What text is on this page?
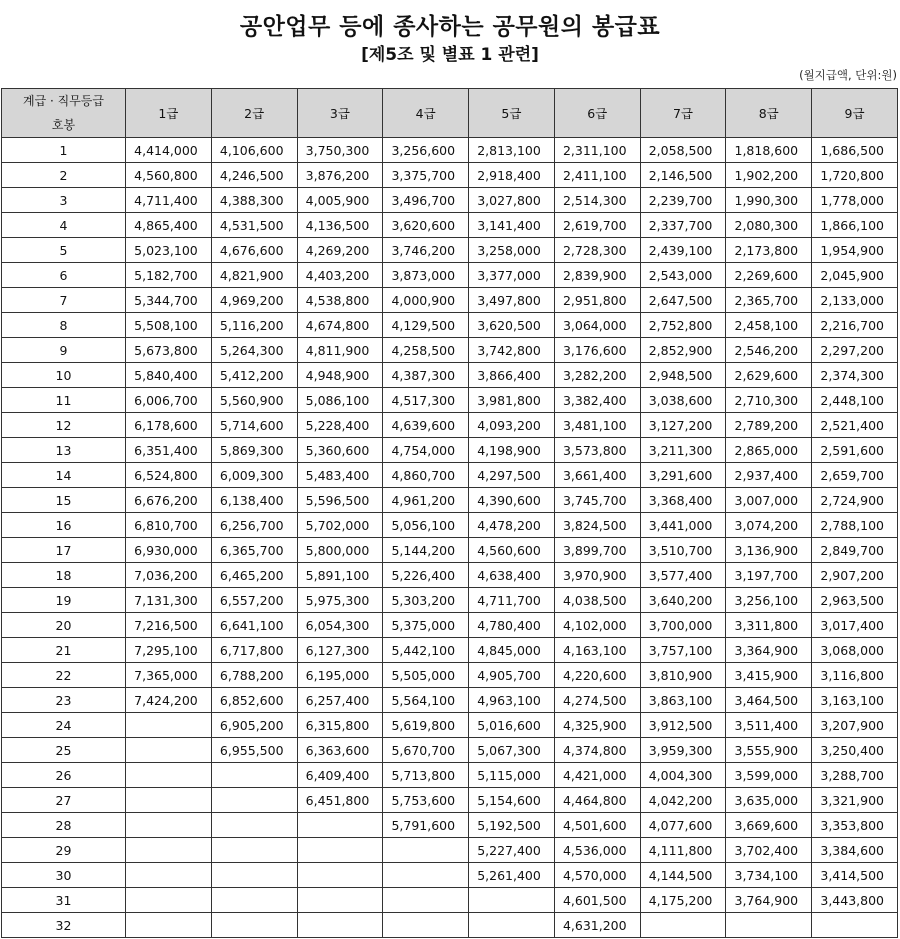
공안업무 등에 종사하는 공무원의 봉급표
[제5조 및 별표 1 관련]
(월지급액, 단위:원)
계급 · 직무등급
호봉	1급	2급	3급	4급	5급	6급	7급	8급	9급
1	4,414,000	4,106,600	3,750,300	3,256,600	2,813,100	2,311,100	2,058,500	1,818,600	1,686,500
2	4,560,800	4,246,500	3,876,200	3,375,700	2,918,400	2,411,100	2,146,500	1,902,200	1,720,800
3	4,711,400	4,388,300	4,005,900	3,496,700	3,027,800	2,514,300	2,239,700	1,990,300	1,778,000
4	4,865,400	4,531,500	4,136,500	3,620,600	3,141,400	2,619,700	2,337,700	2,080,300	1,866,100
5	5,023,100	4,676,600	4,269,200	3,746,200	3,258,000	2,728,300	2,439,100	2,173,800	1,954,900
6	5,182,700	4,821,900	4,403,200	3,873,000	3,377,000	2,839,900	2,543,000	2,269,600	2,045,900
7	5,344,700	4,969,200	4,538,800	4,000,900	3,497,800	2,951,800	2,647,500	2,365,700	2,133,000
8	5,508,100	5,116,200	4,674,800	4,129,500	3,620,500	3,064,000	2,752,800	2,458,100	2,216,700
9	5,673,800	5,264,300	4,811,900	4,258,500	3,742,800	3,176,600	2,852,900	2,546,200	2,297,200
10	5,840,400	5,412,200	4,948,900	4,387,300	3,866,400	3,282,200	2,948,500	2,629,600	2,374,300
11	6,006,700	5,560,900	5,086,100	4,517,300	3,981,800	3,382,400	3,038,600	2,710,300	2,448,100
12	6,178,600	5,714,600	5,228,400	4,639,600	4,093,200	3,481,100	3,127,200	2,789,200	2,521,400
13	6,351,400	5,869,300	5,360,600	4,754,000	4,198,900	3,573,800	3,211,300	2,865,000	2,591,600
14	6,524,800	6,009,300	5,483,400	4,860,700	4,297,500	3,661,400	3,291,600	2,937,400	2,659,700
15	6,676,200	6,138,400	5,596,500	4,961,200	4,390,600	3,745,700	3,368,400	3,007,000	2,724,900
16	6,810,700	6,256,700	5,702,000	5,056,100	4,478,200	3,824,500	3,441,000	3,074,200	2,788,100
17	6,930,000	6,365,700	5,800,000	5,144,200	4,560,600	3,899,700	3,510,700	3,136,900	2,849,700
18	7,036,200	6,465,200	5,891,100	5,226,400	4,638,400	3,970,900	3,577,400	3,197,700	2,907,200
19	7,131,300	6,557,200	5,975,300	5,303,200	4,711,700	4,038,500	3,640,200	3,256,100	2,963,500
20	7,216,500	6,641,100	6,054,300	5,375,000	4,780,400	4,102,000	3,700,000	3,311,800	3,017,400
21	7,295,100	6,717,800	6,127,300	5,442,100	4,845,000	4,163,100	3,757,100	3,364,900	3,068,000
22	7,365,000	6,788,200	6,195,000	5,505,000	4,905,700	4,220,600	3,810,900	3,415,900	3,116,800
23	7,424,200	6,852,600	6,257,400	5,564,100	4,963,100	4,274,500	3,863,100	3,464,500	3,163,100
24		6,905,200	6,315,800	5,619,800	5,016,600	4,325,900	3,912,500	3,511,400	3,207,900
25		6,955,500	6,363,600	5,670,700	5,067,300	4,374,800	3,959,300	3,555,900	3,250,400
26			6,409,400	5,713,800	5,115,000	4,421,000	4,004,300	3,599,000	3,288,700
27			6,451,800	5,753,600	5,154,600	4,464,800	4,042,200	3,635,000	3,321,900
28				5,791,600	5,192,500	4,501,600	4,077,600	3,669,600	3,353,800
29					5,227,400	4,536,000	4,111,800	3,702,400	3,384,600
30					5,261,400	4,570,000	4,144,500	3,734,100	3,414,500
31						4,601,500	4,175,200	3,764,900	3,443,800
32						4,631,200			
